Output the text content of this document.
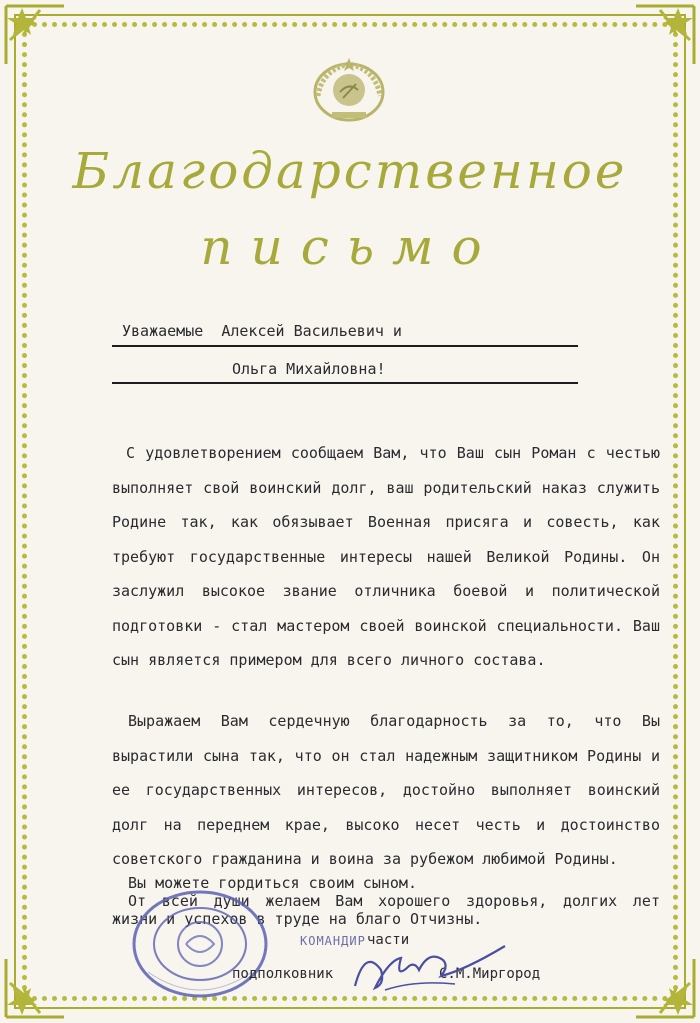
Благодарственное
письмо
Уважаемые  Алексей Васильевич и
Ольга Михайловна!

С удовлетворением сообщаем Вам, что Ваш сын Роман с честью выполняет свой воинский долг, ваш родительский наказ служить Родине так, как обязывает Военная присяга и совесть, как требуют государственные интересы нашей Великой Родины. Он заслужил высокое звание отличника боевой и политической подготовки - стал мастером своей воинской специальности. Ваш сын является примером для всего личного состава.

Выражаем Вам сердечную благодарность за то, что Вы вырастили сына так, что он стал надежным защитником Родины и ее государственных интересов, достойно выполняет воинский долг на переднем крае, высоко несет честь и достоинство советского гражданина и воина за рубежом любимой Родины.

Вы можете гордиться своим сыном.

От всей души желаем Вам хорошего здоровья, долгих лет жизни и успехов в труде на благо Отчизны.

КОМАНДИР части
подполковник	С.М.Миргород
